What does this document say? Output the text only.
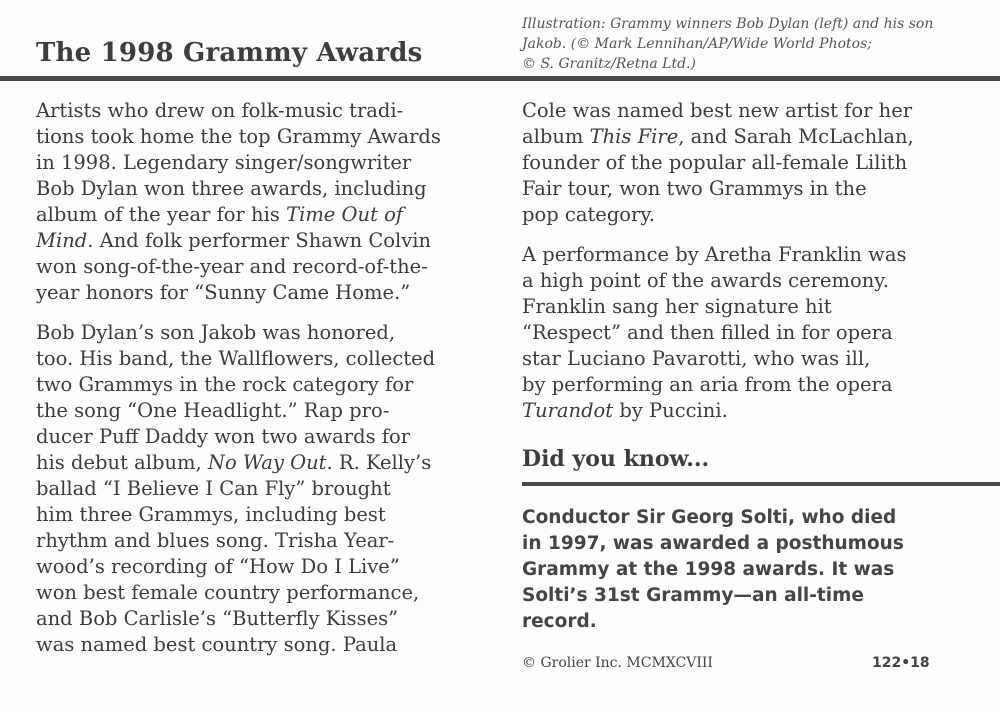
The 1998 Grammy Awards
Illustration: Grammy winners Bob Dylan (left) and his son
Jakob. (© Mark Lennihan/AP/Wide World Photos;
© S. Granitz/Retna Ltd.)
Artists who drew on folk-music tradi-
tions took home the top Grammy Awards
in 1998. Legendary singer/songwriter
Bob Dylan won three awards, including
album of the year for his Time Out of
Mind. And folk performer Shawn Colvin
won song-of-the-year and record-of-the-
year honors for “Sunny Came Home.”
Bob Dylan’s son Jakob was honored,
too. His band, the Wallflowers, collected
two Grammys in the rock category for
the song “One Headlight.” Rap pro-
ducer Puff Daddy won two awards for
his debut album, No Way Out. R. Kelly’s
ballad “I Believe I Can Fly” brought
him three Grammys, including best
rhythm and blues song. Trisha Year-
wood’s recording of “How Do I Live”
won best female country performance,
and Bob Carlisle’s “Butterfly Kisses”
was named best country song. Paula
Cole was named best new artist for her
album This Fire, and Sarah McLachlan,
founder of the popular all-female Lilith
Fair tour, won two Grammys in the
pop category.
A performance by Aretha Franklin was
a high point of the awards ceremony.
Franklin sang her signature hit
“Respect” and then filled in for opera
star Luciano Pavarotti, who was ill,
by performing an aria from the opera
Turandot by Puccini.
Did you know...
Conductor Sir Georg Solti, who died
in 1997, was awarded a posthumous
Grammy at the 1998 awards. It was
Solti’s 31st Grammy—an all-time
record.
© Grolier Inc. MCMXCVIII	122•18
